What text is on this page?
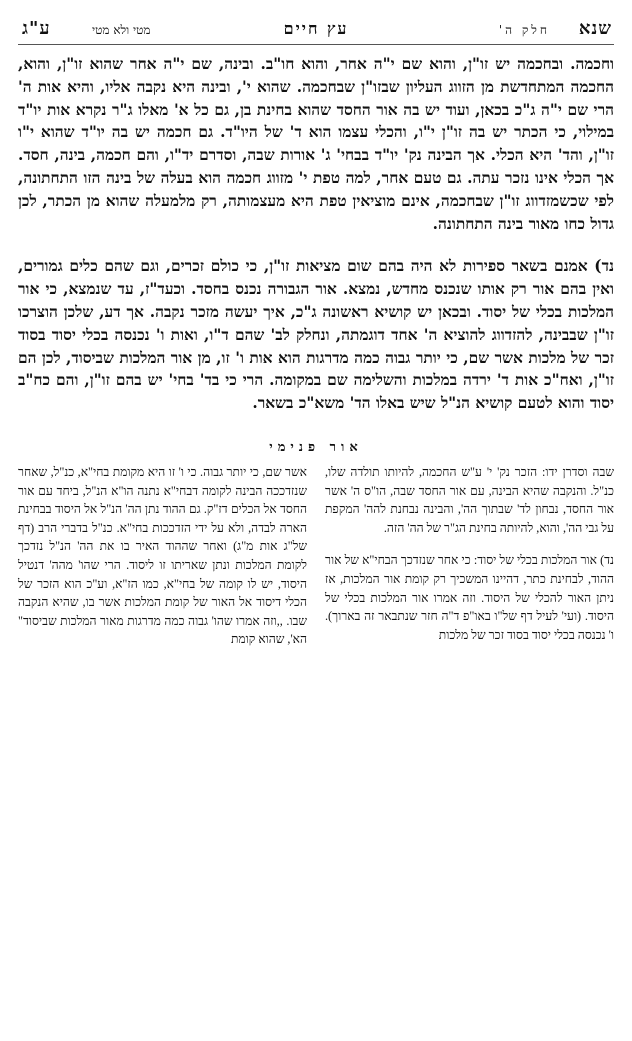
שנא
חלק ה'
עץ חיים
מטי ולא מטי
ע"ג

וחכמה. ובחכמה יש זו"ן, והוא שם י"ה אחר, והוא חו"ב. ובינה, שם י"ה אחר שהוא זו"ן, והוא, החכמה המתחדשת מן הזווג העליון שבזו"ן שבחכמה. שהוא י', ובינה היא נקבה אליו, והיא אות ה' הרי שם י"ה ג"כ בכאן, ועוד יש בה אור החסד שהוא בחינת בן, גם כל א' מאלו ג"ר נקרא אות יו"ד במילוי, כי הכתר יש בה זו"ן י"ו, והכלי עצמו הוא ד' של היו"ד. גם חכמה יש בה יו"ד שהוא י"ו זו"ן, והד' היא הכלי. אך הבינה נק' יו"ד בבחי' ג' אורות שבה, וסדרם יד"ו, והם חכמה, בינה, חסד. אך הכלי אינו נזכר עתה. גם טעם אחר, למה טפת י' מזווג חכמה הוא בעלה של בינה הזו התחתונה, לפי שכשמזדווג זו"ן שבחכמה, אינם מוציאין טפת היא מעצמותה, רק מלמעלה שהוא מן הכתר, לכן גדול כחו מאור בינה התחתונה.

נד) אמנם בשאר ספירות לא היה בהם שום מציאות זו"ן, כי כולם זכרים, וגם שהם כלים גמורים, ואין בהם אור רק אותו שנכנס מחדש, נמצא. אור הגבורה נכנס בחסד. וכעד"ז, עד שנמצא, כי אור המלכות בכלי של יסוד. ובכאן יש קושיא ראשונה ג"כ, איך יעשה מזכר נקבה. אך דע, שלכן הוצרכו זו"ן שבבינה, להזדווג להוציא ה' אחד דוגמתה, ונחלק לב' שהם ד"ו, ואות ו' נכנסה בכלי יסוד בסוד זכר של מלכות אשר שם, כי יותר גבוה כמה מדרגות הוא אות ו' זו, מן אור המלכות שביסוד, לכן הם זו"ן, ואח"כ אות ד' ירדה במלכות והשלימה שם במקומה. הרי כי בד' בחי' יש בהם זו"ן, והם כח"ב יסוד והוא לטעם קושיא הנ"ל שיש באלו הד' משא"כ בשאר.

אור פנימי

שבה וסדרן ידו: הזכר נק' י' ע"ש החכמה, להיותו תולדה שלו, כנ"ל. והנקבה שהיא הבינה, עם אור החסד שבה, הו"ס ה' אשר אור החסד, נבחון לד' שבתוך הה', והבינה נבחנת להה' המקפת על גבי הה', והוא, להיותה בחינת הג"ר של הה' הזה.

נד) אור המלכות בכלי של יסוד: כי אחר שנזדכך הבחי"א של אור ההוד, לבחינת כתר, דהיינו המשכיך רק קומת אור המלכות, אז ניתן האור להכלי של היסוד. וזה אמרו אור המלכות בכלי של היסוד. (ועי' לעיל דף של"ו באו"פ ד"ה חזר שנתבאר זה בארוך). ו' נכנסה בכלי יסוד בסוד זכר של מלכות

אשר שם, כי יותר גבוה. כי ו' זו היא מקומת בחי"א, כנ"ל, שאחר שנזדככה הבינה לקומה דבחי"א נתנה הו"א הנ"ל, ביחד עם אור החסד אל הכלים דז"ק. גם ההוד נתן הה' הנ"ל אל היסוד בבחינת הארה לבדה, ולא על ידי הזדככות בחי"א. כנ"ל בדברי הרב (דף של"ג אות מ"ג) ואחר שההוד האיר בו את הה' הנ"ל נזדכך לקומת המלכות ונתן שאריתו זו ליסוד. הרי שהו' מהה' דנטיל היסוד, יש לו קומה של בחי"א, כמו הז"א, וע"כ הוא הזכר של הכלי דיסוד אל האור של קומת המלכות אשר בו, שהיא הנקבה שבו. ,,וזה אמרו שהו' גבוה כמה מדרגות מאור המלכות שביסוד" הא', שהוא קומת
